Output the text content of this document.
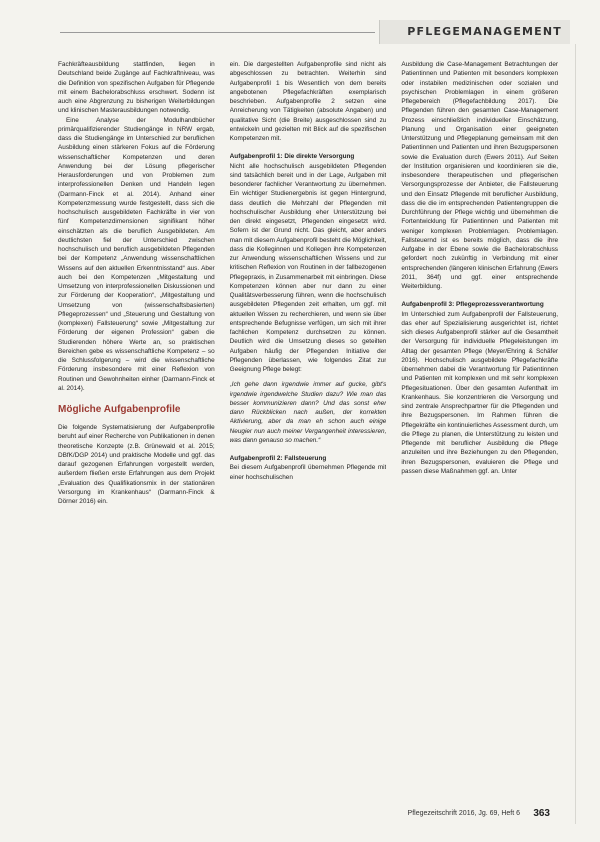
PFLEGEMANAGEMENT

Fachkräfteausbildung stattfinden, liegen in Deutschland beide Zugänge auf Fachkraftniveau, was die Definition von spezifischen Aufgaben für Pflegende mit einem Bachelorabschluss erschwert. Sodenn ist auch eine Abgrenzung zu bisherigen Weiterbildungen und klinischen Masterausbildungen notwendig.

Eine Analyse der Modulhandbücher primärqualifizierender Studiengänge in NRW ergab, dass die Studiengänge im Unterschied zur beruflichen Ausbildung einen stärkeren Fokus auf die Förderung wissenschaftlicher Kompetenzen und deren Anwendung bei der Lösung pflegerischer Herausforderungen und von Problemen zum interprofessionellen Denken und Handeln legen (Darmann-Finck et al. 2014). Anhand einer Kompetenzmessung wurde festgestellt, dass sich die hochschulisch ausgebildeten Fachkräfte in vier von fünf Kompetenzdimensionen signifikant höher einschätzten als die beruflich Ausgebildeten. Am deutlichsten fiel der Unterschied zwischen hochschulisch und beruflich ausgebildeten Pflegenden bei der Kompetenz „Anwendung wissenschaftlichen Wissens auf den aktuellen Erkenntnisstand“ aus. Aber auch bei den Kompetenzen „Mitgestaltung und Umsetzung von interprofessionellen Diskussionen und zur Förderung der Kooperation“, „Mitgestaltung und Umsetzung von (wissenschaftsbasierten) Pflegeprozessen“ und „Steuerung und Gestaltung von (komplexen) Fallsteuerung“ sowie „Mitgestaltung zur Förderung der eigenen Profession“ gaben die Studierenden höhere Werte an, so praktischen Bereichen gebe es wissenschaftliche Kompetenz – so die Schlussfolgerung – wird die wissenschaftliche Förderung insbesondere mit einer Reflexion von Routinen und Gewohnheiten einher (Darmann-Finck et al. 2014).

Mögliche Aufgabenprofile

Die folgende Systematisierung der Aufgabenprofile beruht auf einer Recherche von Publikationen in denen theoretische Konzepte (z.B. Grünewald et al. 2015; DBfK/DGP 2014) und praktische Modelle und ggf. das darauf gezogenen Erfahrungen vorgestellt werden, außerdem fließen erste Erfahrungen aus dem Projekt „Evaluation des Qualifikationsmix in der stationären Versorgung im Krankenhaus“ (Darmann-Finck & Dörner 2016) ein.

ein. Die dargestellten Aufgabenprofile sind nicht als abgeschlossen zu betrachten. Weiterhin sind Aufgabenprofil 1 bis Wesentlich von dem bereits angebotenen Pflegefachkräften exemplarisch beschrieben. Aufgabenprofile 2 setzen eine Anreicherung von Tätigkeiten (absolute Angaben) und qualitative Sicht (die Breite) ausgeschlossen sind zu entwickeln und gezielten mit Blick auf die spezifischen Kompetenzen mit.

Aufgabenprofil 1: Die direkte Versorgung

Nicht alle hochschulisch ausgebildeten Pflegenden sind tatsächlich bereit und in der Lage, Aufgaben mit besonderer fachlicher Verantwortung zu übernehmen. Ein wichtiger Studienergebnis ist gegen Hintergrund, dass deutlich die Mehrzahl der Pflegenden mit hochschulischer Ausbildung eher Unterstützung bei den direkt eingesetzt, Pflegenden eingesetzt wird. Sofern ist der Grund nicht. Das gleicht, aber anders man mit diesem Aufgabenprofil besteht die Möglichkeit, dass die Kolleginnen und Kollegen ihre Kompetenzen zur Anwendung wissenschaftlichen Wissens und zur kritischen Reflexion von Routinen in der fallbezogenen Pflegepraxis, in Zusammenarbeit mit einbringen. Diese Kompetenzen können aber nur dann zu einer Qualitätsverbesserung führen, wenn die hochschulisch ausgebildeten Pflegenden zeit erhalten, um ggf. mit aktuellen Wissen zu recherchieren, und wenn sie über entsprechende Befugnisse verfügen, um sich mit ihrer fachlichen Kompetenz durchsetzen zu können. Deutlich wird die Umsetzung dieses so geteilten Aufgaben häufig der Pflegenden Initiative der Pflegenden überlassen, wie folgendes Zitat zur Geeignung Pflege belegt:

„Ich gehe dann irgendwie immer auf gucke, gibt's irgendwie irgendwelche Studien dazu? Wie man das besser kommunizieren dann? Und das sonst eher dann Rückblicken nach außen, der korrekten Aktivierung, aber da man eh schon auch einige Neugier nun auch meiner Vergangenheit interessieren, was dann genauso so machen.“
Aufgabenprofil 2: Fallsteuerung

Bei diesem Aufgabenprofil übernehmen Pflegende mit einer hochschulischen

Ausbildung die Case-Management Betrachtungen der Patientinnen und Patienten mit besonders komplexen oder instabilen medizinischen oder sozialen und psychischen Problemlagen in einem größeren Pflegebereich (Pflegefachbildung 2017). Die Pflegenden führen den gesamten Case-Management Prozess einschließlich individueller Einschätzung, Planung und Organisation einer geeigneten Unterstützung und Pflegeplanung gemeinsam mit den Patientinnen und Patienten und ihren Bezugspersonen sowie die Evaluation durch (Ewers 2011). Auf Seiten der Institution organisieren und koordinieren sie die, insbesondere therapeutischen und pflegerischen Versorgungsprozesse der Anbieter, die Fallsteuerung und den Einsatz Pflegende mit beruflicher Ausbildung, dass die die im entsprechenden Patientengruppen die Durchführung der Pflege wichtig und übernehmen die Fortentwicklung für Patientinnen und Patienten mit weniger komplexen Problemlagen. Problemlagen. Fallsteuernd ist es bereits möglich, dass die ihre Aufgabe in der Ebene sowie die Bachelorabschluss gefordert noch zukünftig in Verbindung mit einer entsprechenden (längeren klinischen Erfahrung (Ewers 2011, 364f) und ggf. einer entsprechende Weiterbildung.

Aufgabenprofil 3: Pflegeprozessverantwortung

Im Unterschied zum Aufgabenprofil der Fallsteuerung, das eher auf Spezialisierung ausgerichtet ist, richtet sich dieses Aufgabenprofil stärker auf die Gesamtheit der Versorgung für individuelle Pflegeleistungen im Alltag der gesamten Pflege (Meyer/Ehring & Schäfer 2016). Hochschulisch ausgebildete Pflegefachkräfte übernehmen dabei die Verantwortung für Patientinnen und Patienten mit komplexen und mit sehr komplexen Pflegesituationen. Über den gesamten Aufenthalt im Krankenhaus. Sie konzentrieren die Versorgung und sind zentrale Ansprechpartner für die Pflegenden und ihre Bezugspersonen. Im Rahmen führen die Pflegekräfte ein kontinuierliches Assessment durch, um die Pflege zu planen, die Unterstützung zu leisten und Pflegende mit beruflicher Ausbildung die Pflege anzuleiten und ihre Beziehungen zu den Pflegenden, ihren Bezugspersonen, evaluieren die Pflege und passen diese Maßnahmen ggf. an. Unter

Pflegezeitschrift 2016, Jg. 69, Heft 6 363
